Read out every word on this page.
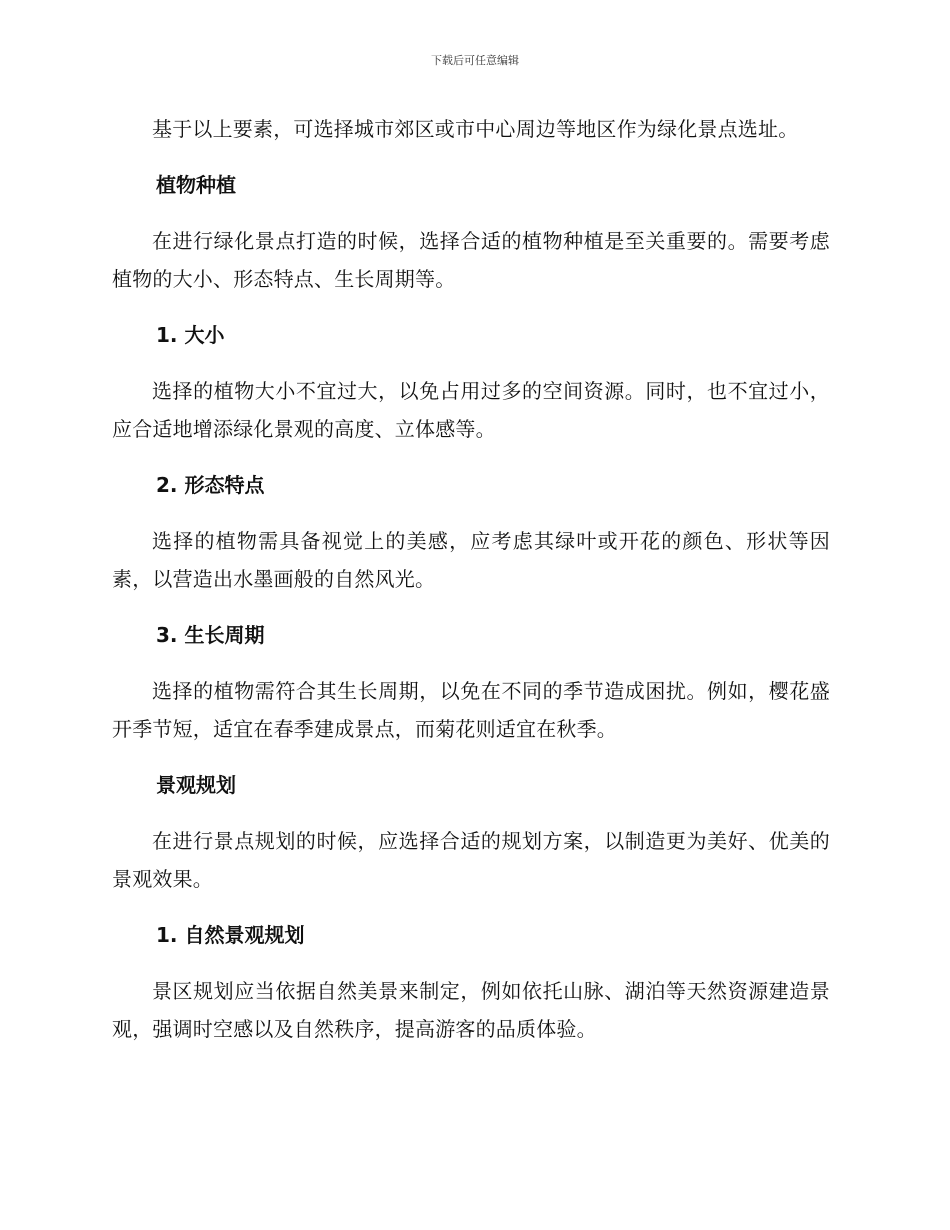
下载后可任意编辑

基于以上要素，可选择城市郊区或市中心周边等地区作为绿化景点选址。

植物种植

在进行绿化景点打造的时候，选择合适的植物种植是至关重要的。需要考虑植物的大小、形态特点、生长周期等。

1. 大小

选择的植物大小不宜过大，以免占用过多的空间资源。同时，也不宜过小，应合适地增添绿化景观的高度、立体感等。

2. 形态特点

选择的植物需具备视觉上的美感，应考虑其绿叶或开花的颜色、形状等因素，以营造出水墨画般的自然风光。

3. 生长周期

选择的植物需符合其生长周期，以免在不同的季节造成困扰。例如，樱花盛开季节短，适宜在春季建成景点，而菊花则适宜在秋季。

景观规划

在进行景点规划的时候，应选择合适的规划方案，以制造更为美好、优美的景观效果。

1. 自然景观规划

景区规划应当依据自然美景来制定，例如依托山脉、湖泊等天然资源建造景观，强调时空感以及自然秩序，提高游客的品质体验。
